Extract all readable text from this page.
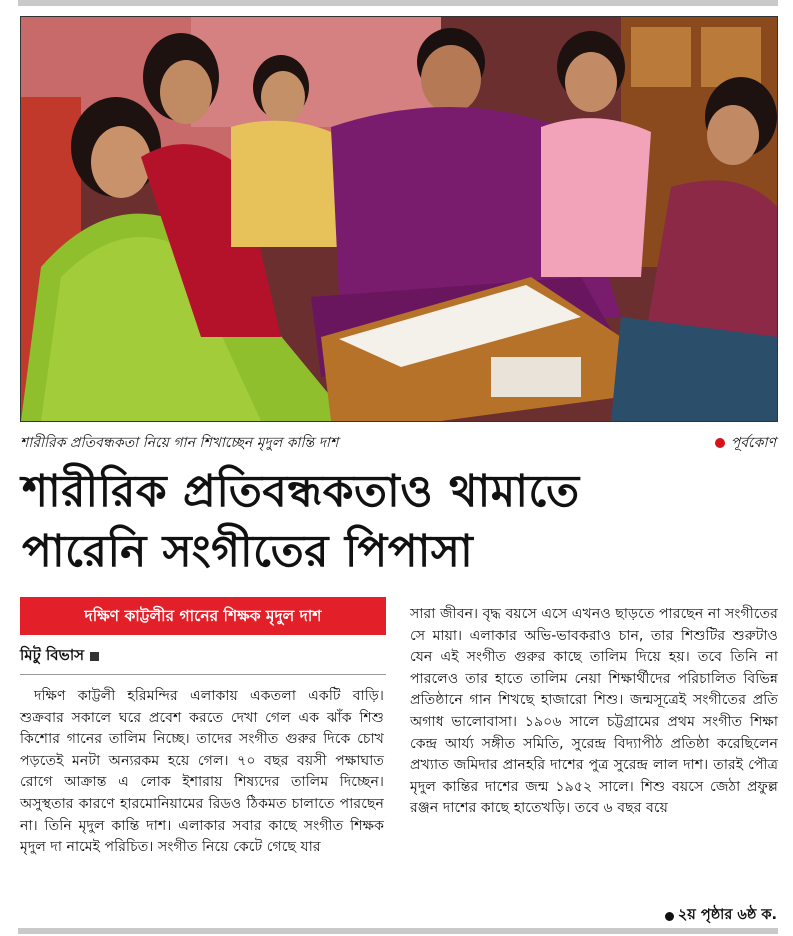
শারীরিক প্রতিবন্ধকতা নিয়ে গান শিখাচ্ছেন মৃদুল কান্তি দাশ	পূর্বকোণ
শারীরিক প্রতিবন্ধকতাও থামাতে
পারেনি সংগীতের পিপাসা
দক্ষিণ কাট্টলীর গানের শিক্ষক মৃদুল দাশ
মিটু বিভাস
দক্ষিণ কাট্টলী হরিমন্দির এলাকায় একতলা একটি বাড়ি। শুক্রবার সকালে ঘরে প্রবেশ করতে দেখা গেল এক ঝাঁক শিশু কিশোর গানের তালিম নিচ্ছে। তাদের সংগীত গুরুর দিকে চোখ পড়তেই মনটা অন্যরকম হয়ে গেল। ৭০ বছর বয়সী পক্ষাঘাত রোগে আক্রান্ত এ লোক ইশারায় শিষ্যদের তালিম দিচ্ছেন। অসুস্থতার কারণে হারমোনিয়ামের রিডও ঠিকমত চালাতে পারছেন না। তিনি মৃদুল কান্তি দাশ। এলাকার সবার কাছে সংগীত শিক্ষক মৃদুল দা নামেই পরিচিত। সংগীত নিয়ে কেটে গেছে যার
সারা জীবন। বৃদ্ধ বয়সে এসে এখনও ছাড়তে পারছেন না সংগীতের সে মায়া। এলাকার অভি-ভাবকরাও চান, তার শিশুটির শুরুটাও যেন এই সংগীত গুরুর কাছে তালিম দিয়ে হয়। তবে তিনি না পারলেও তার হাতে তালিম নেয়া শিক্ষার্থীদের পরিচালিত বিভিন্ন প্রতিষ্ঠানে গান শিখছে হাজারো শিশু। জন্মসূত্রেই সংগীতের প্রতি অগাধ ভালোবাসা। ১৯০৬ সালে চট্টগ্রামের প্রথম সংগীত শিক্ষা কেন্দ্র আর্য্য সঙ্গীত সমিতি, সুরেন্দ্র বিদ্যাপীঠ প্রতিষ্ঠা করেছিলেন প্রখ্যাত জমিদার প্রানহরি দাশের পুত্র সুরেন্দ্র লাল দাশ। তারই পৌত্র মৃদুল কান্তির দাশের জন্ম ১৯৫২ সালে। শিশু বয়সে জেঠা প্রফুল্ল রঞ্জন দাশের কাছে হাতেখড়ি। তবে ৬ বছর বয়ে
২য় পৃষ্ঠার ৬ষ্ঠ ক.
